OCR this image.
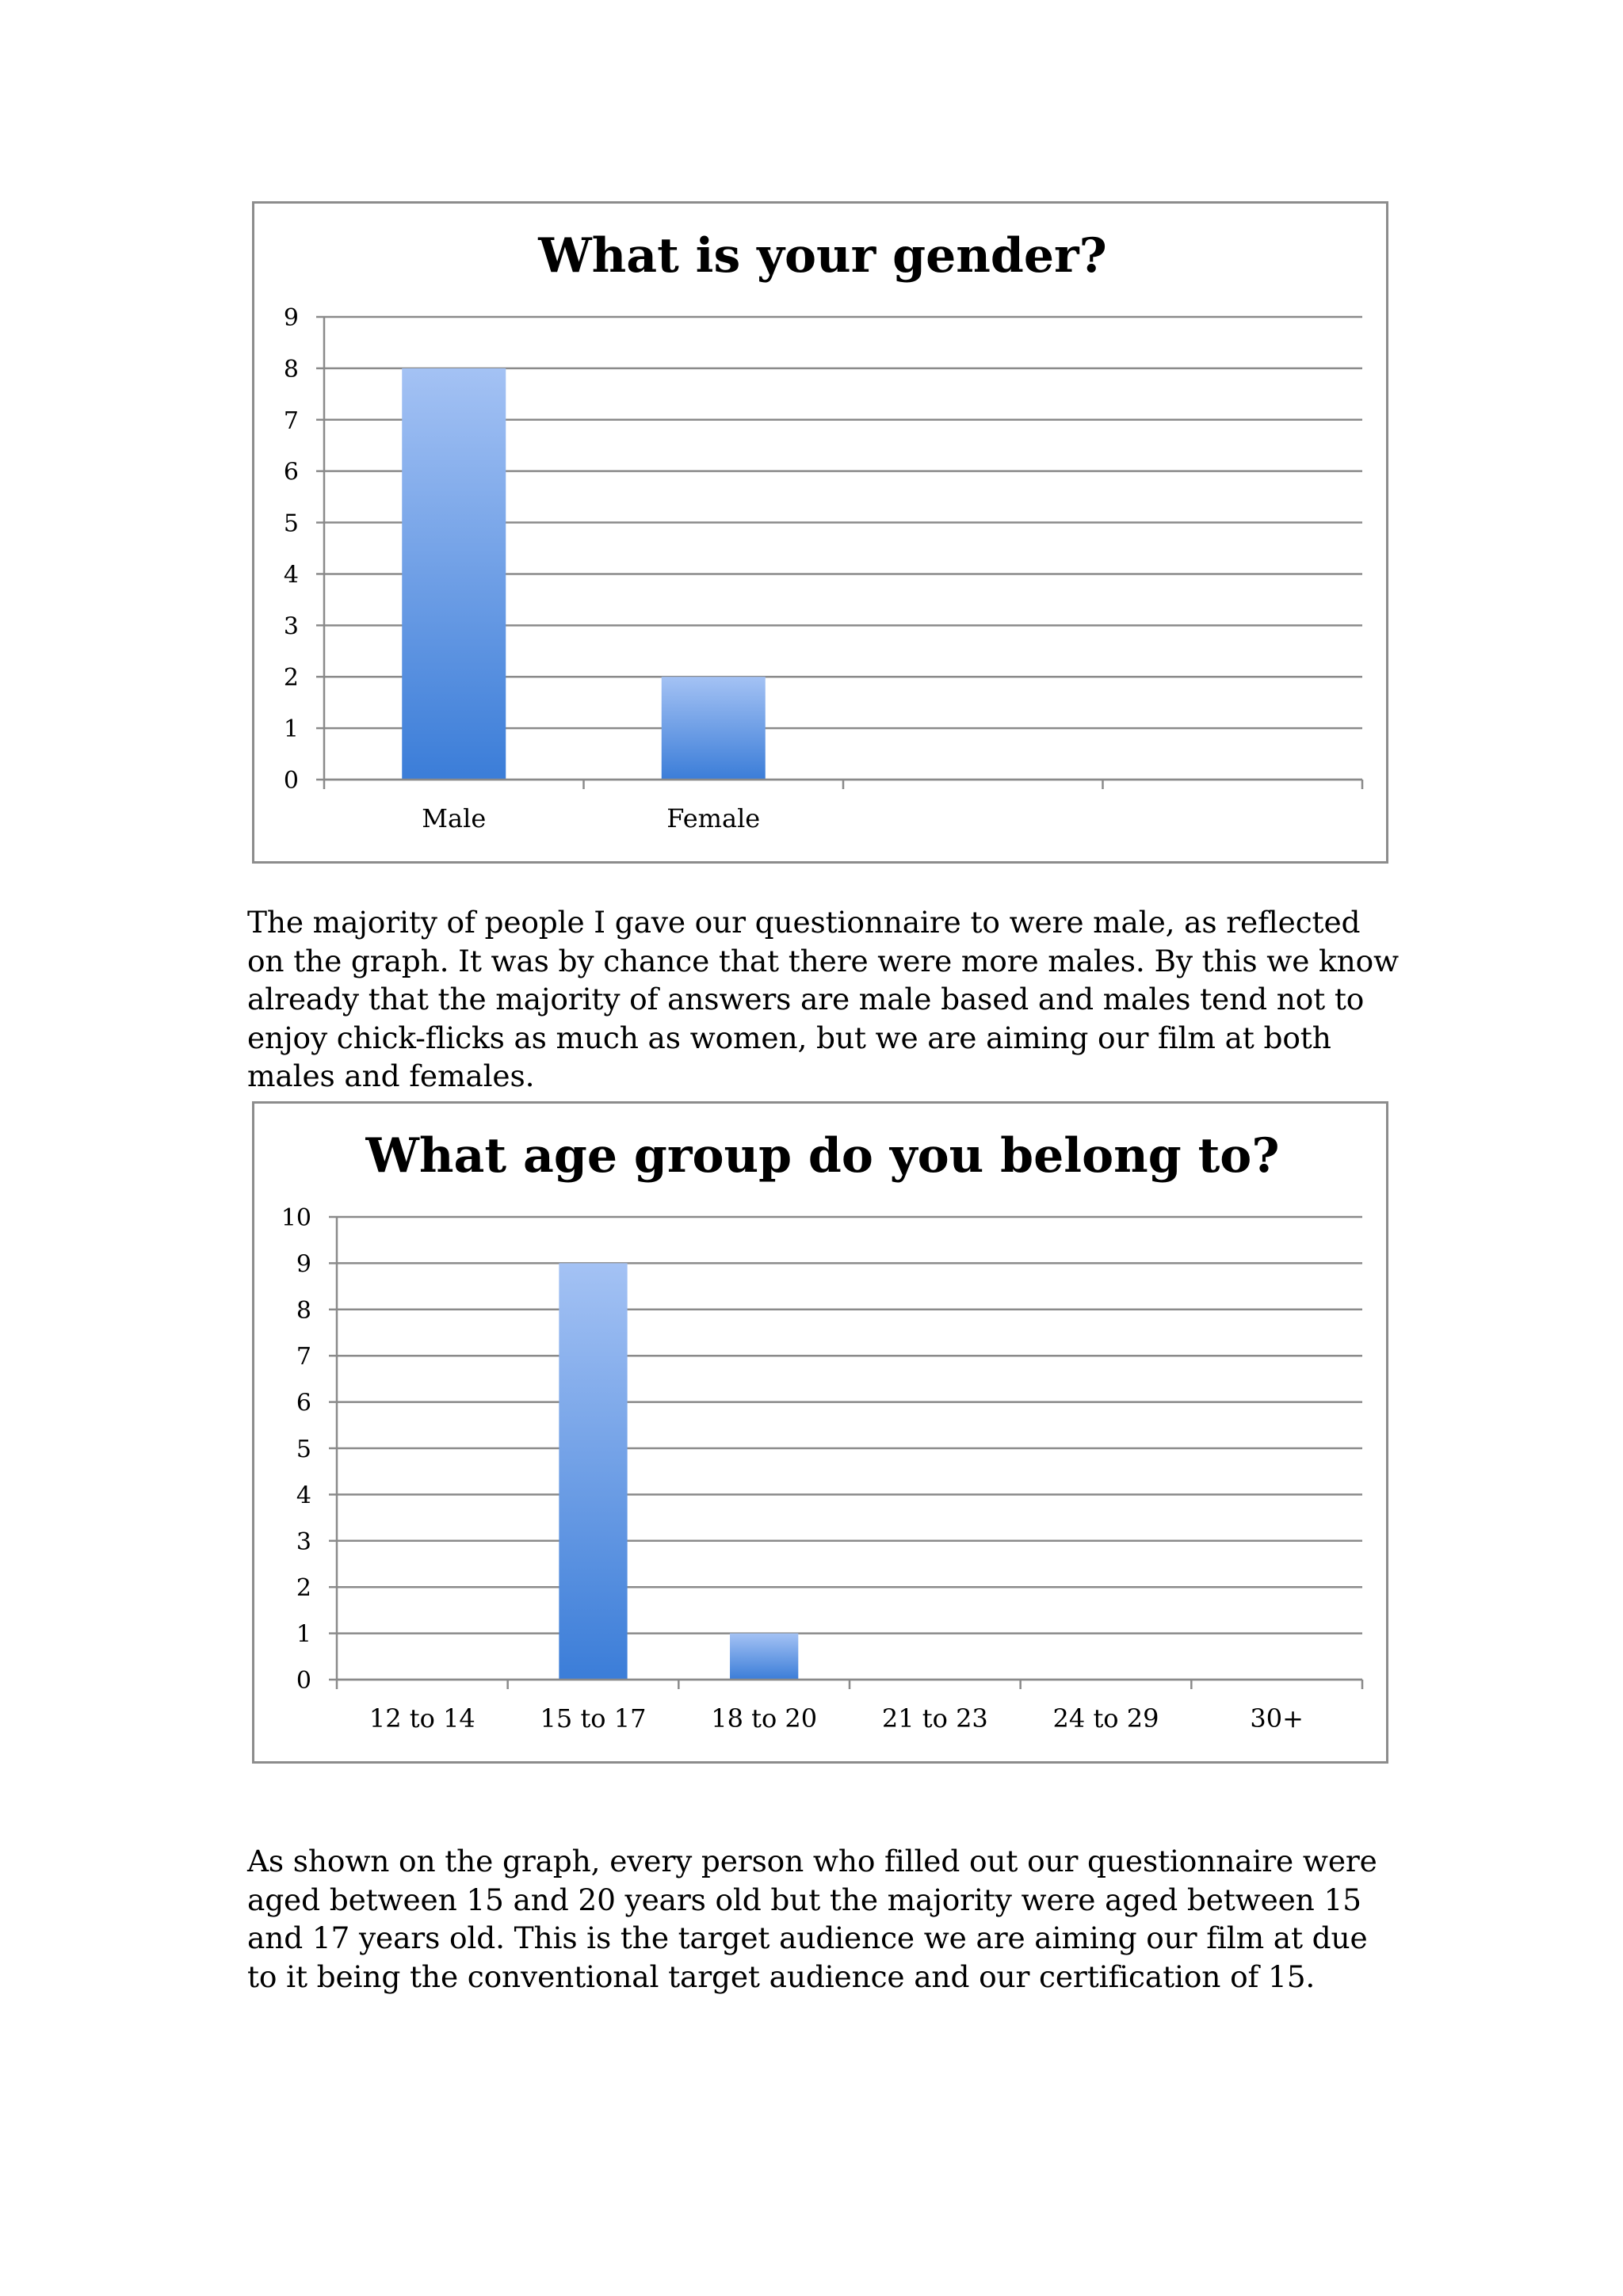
What is your gender?
0
1
2
3
4
5
6
7
8
9
Male	Female

The majority of people I gave our questionnaire to were male, as reflected on the graph. It was by chance that there were more males. By this we know already that the majority of answers are male based and males tend not to enjoy chick-flicks as much as women, but we are aiming our film at both males and females.

What age group do you belong to?
0
1
2
3
4
5
6
7
8
9
10
12 to 14	15 to 17	18 to 20	21 to 23	24 to 29	30+

As shown on the graph, every person who filled out our questionnaire were aged between 15 and 20 years old but the majority were aged between 15 and 17 years old. This is the target audience we are aiming our film at due to it being the conventional target audience and our certification of 15.
